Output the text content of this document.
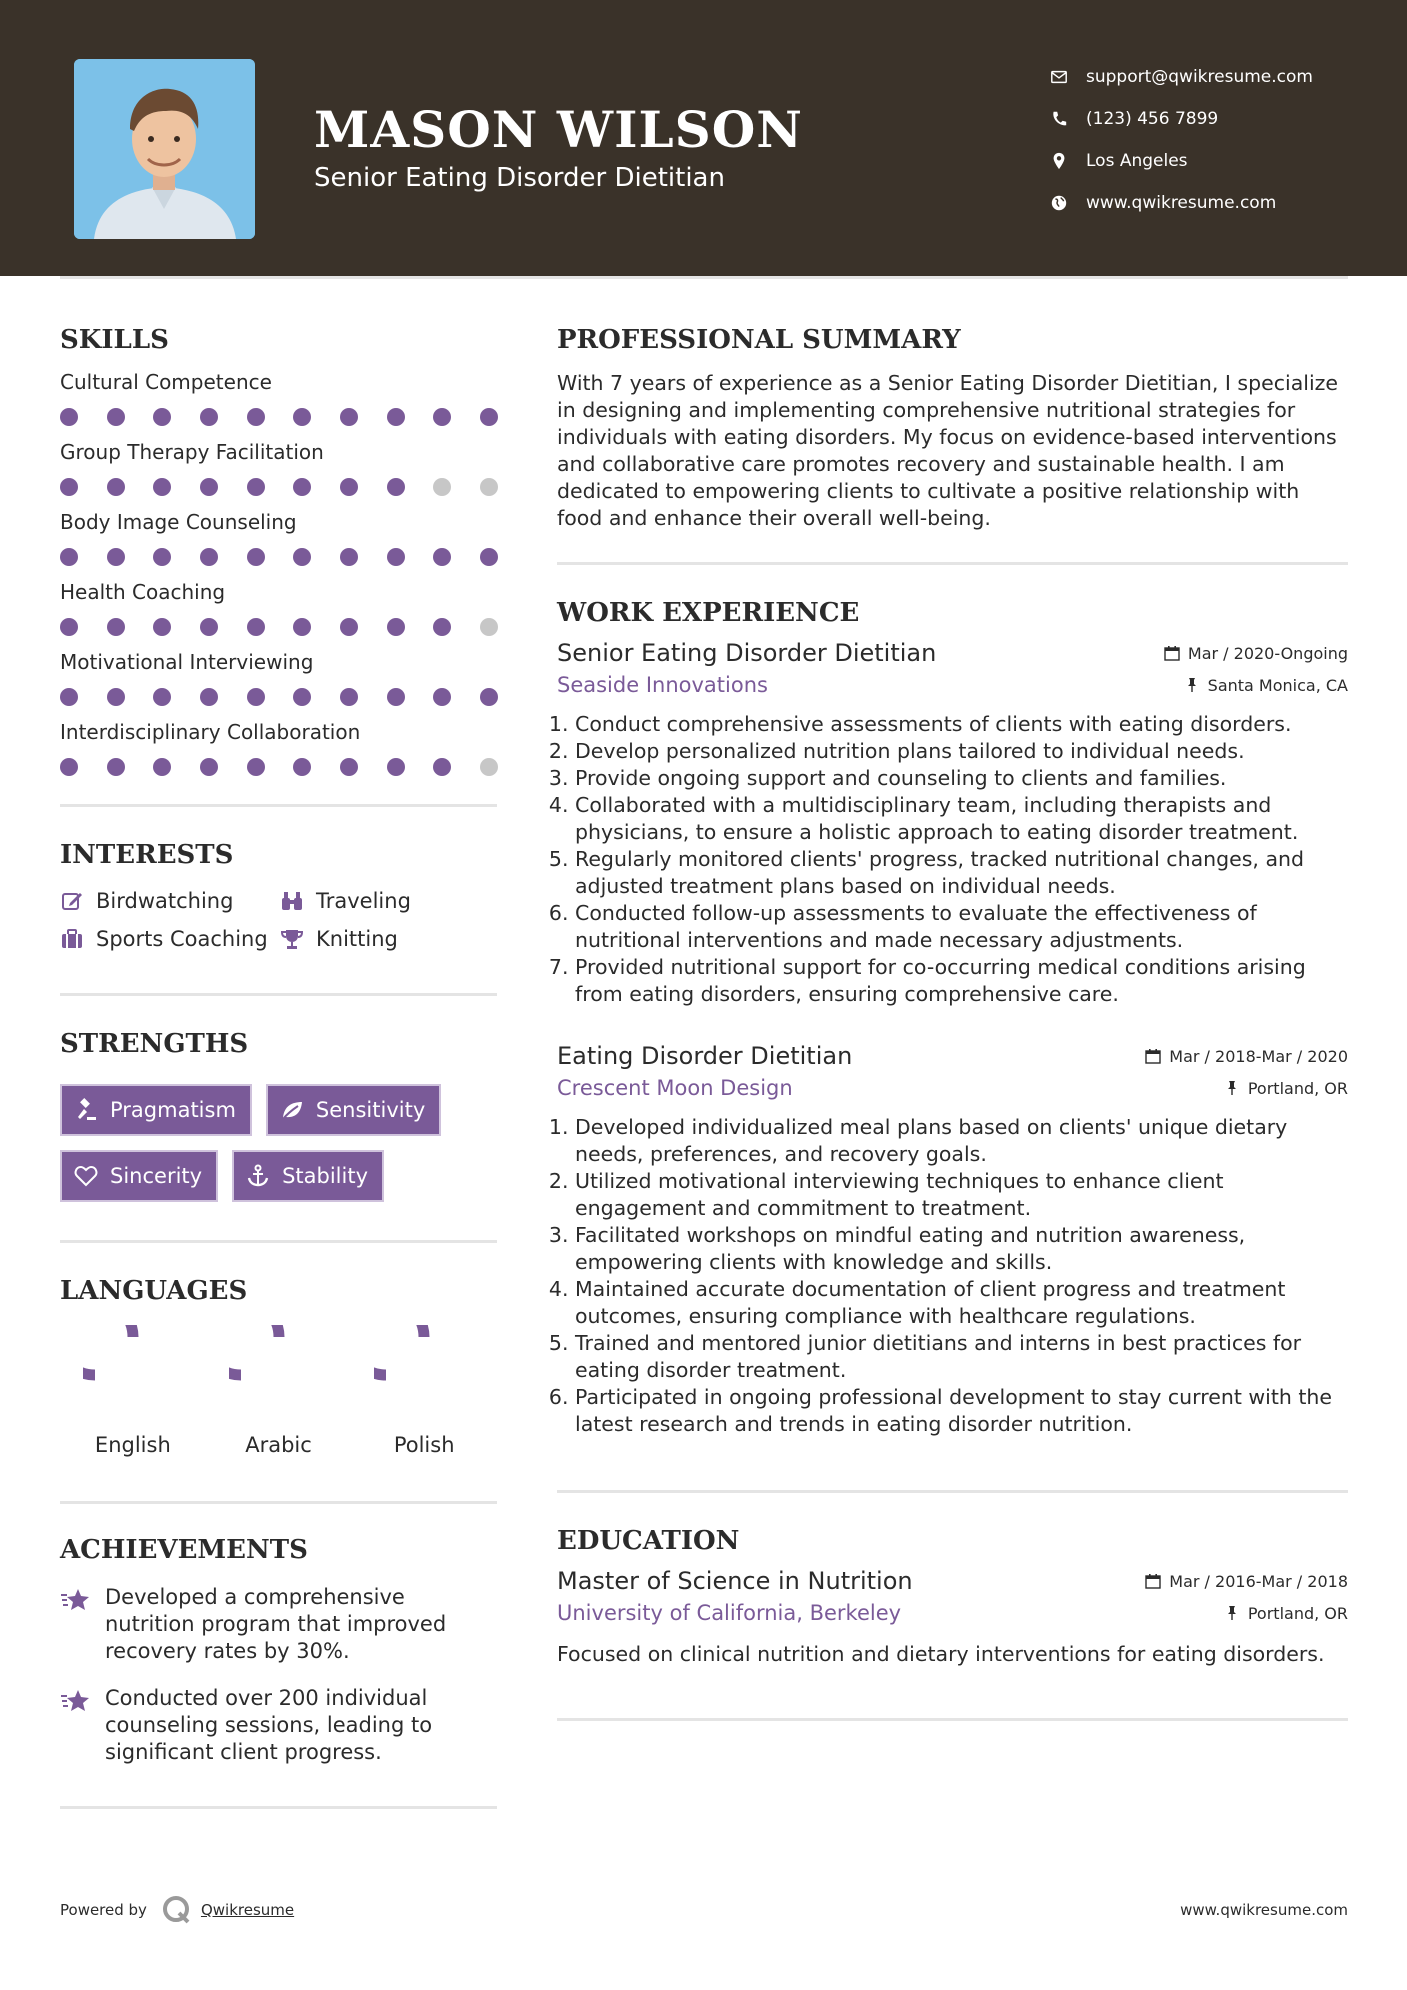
MASON WILSON
Senior Eating Disorder Dietitian
support@qwikresume.com
(123) 456 7899
Los Angeles
www.qwikresume.com
SKILLS
Cultural Competence
Group Therapy Facilitation
Body Image Counseling
Health Coaching
Motivational Interviewing
Interdisciplinary Collaboration
INTERESTS
Birdwatching	Traveling
Sports Coaching Knitting
STRENGTHS
Pragmatism	Sensitivity
Sincerity	Stability
LANGUAGES
English	Arabic	Polish
ACHIEVEMENTS
Developed a comprehensive nutrition program that improved recovery rates by 30%.
Conducted over 200 individual counseling sessions, leading to significant client progress.
PROFESSIONAL SUMMARY

With 7 years of experience as a Senior Eating Disorder Dietitian, I specialize in designing and implementing comprehensive nutritional strategies for individuals with eating disorders. My focus on evidence-based interventions and collaborative care promotes recovery and sustainable health. I am dedicated to empowering clients to cultivate a positive relationship with food and enhance their overall well-being.

WORK EXPERIENCE
Senior Eating Disorder Dietitian	Mar / 2020-Ongoing
Seaside Innovations	Santa Monica, CA
1. Conduct comprehensive assessments of clients with eating disorders.
2. Develop personalized nutrition plans tailored to individual needs.
3. Provide ongoing support and counseling to clients and families.
4. Collaborated with a multidisciplinary team, including therapists and physicians, to ensure a holistic approach to eating disorder treatment.
5. Regularly monitored clients' progress, tracked nutritional changes, and adjusted treatment plans based on individual needs.
6. Conducted follow-up assessments to evaluate the effectiveness of nutritional interventions and made necessary adjustments.
7. Provided nutritional support for co-occurring medical conditions arising from eating disorders, ensuring comprehensive care.
Eating Disorder Dietitian	Mar / 2018-Mar / 2020
Crescent Moon Design	Portland, OR
1. Developed individualized meal plans based on clients' unique dietary needs, preferences, and recovery goals.
2. Utilized motivational interviewing techniques to enhance client engagement and commitment to treatment.
3. Facilitated workshops on mindful eating and nutrition awareness, empowering clients with knowledge and skills.
4. Maintained accurate documentation of client progress and treatment outcomes, ensuring compliance with healthcare regulations.
5. Trained and mentored junior dietitians and interns in best practices for eating disorder treatment.
6. Participated in ongoing professional development to stay current with the latest research and trends in eating disorder nutrition.
EDUCATION
Master of Science in Nutrition	Mar / 2016-Mar / 2018
University of California, Berkeley	Portland, OR
Focused on clinical nutrition and dietary interventions for eating disorders.
Powered by	Qwikresume	www.qwikresume.com
